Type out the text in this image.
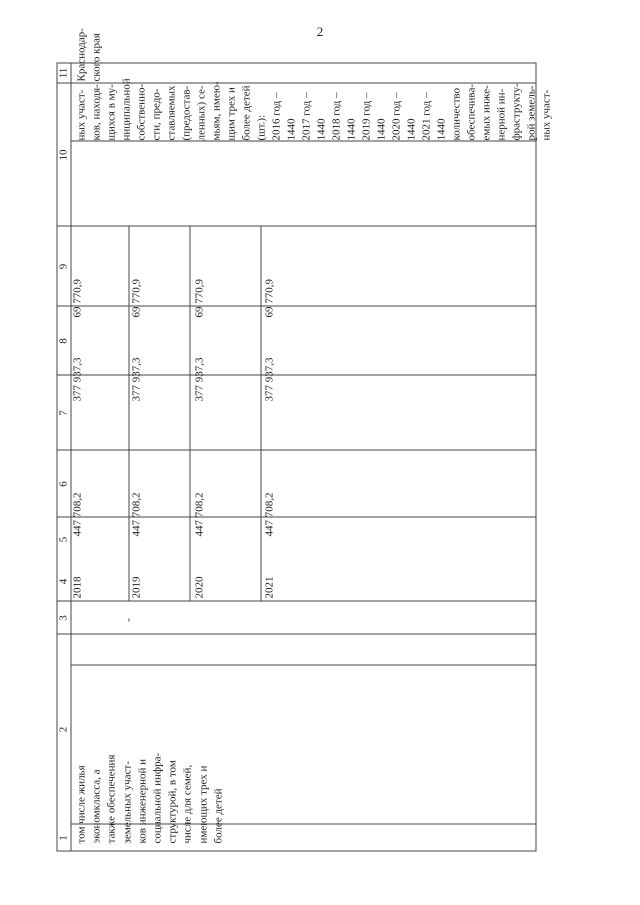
2
1
2
3
4
5
6
7
8
9
10
11
том числе жилья экономкласса, а также обеспечения земельных участ- ков инженерной и социальной инфра- структурой, в том числе для семей, имеющих трех и более детей
2018
447 708,2
377 937,3
69 770,9
2019
447 708,2
377 937,3
69 770,9
2020
447 708,2
377 937,3
69 770,9
2021
447 708,2
377 937,3
69 770,9
ных участ- ков, находя- щихся в му- ниципальной собственно- сти, предо- ставляемых (предостав- ленных) се- мьям, имею- щим трех и более детей (шт.): 2016 год – 1440 2017 год – 1440 2018 год – 1440 2019 год – 1440 2020 год – 1440 2021 год – 1440 количество обеспечива- емых инже- нерной ин- фраструкту- рой земель- ных участ-
Краснодар- ского края
